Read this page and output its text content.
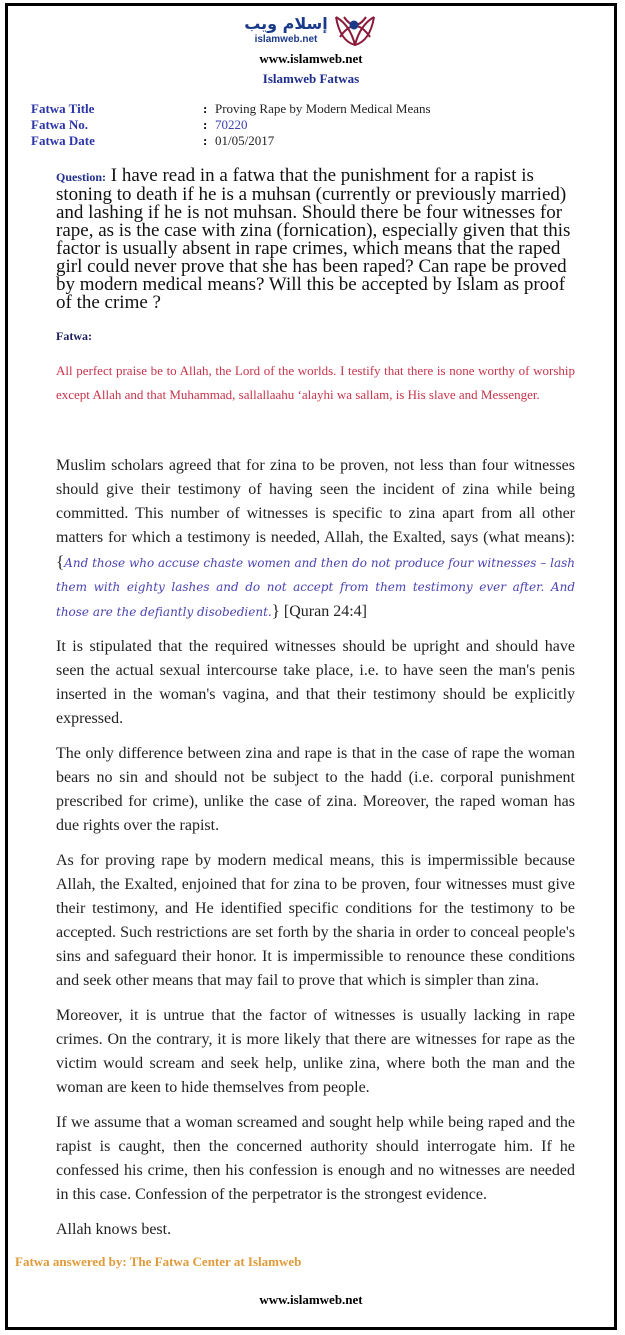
إسلام ويب
islamweb.net
www.islamweb.net
Islamweb Fatwas
Fatwa Title	: Proving Rape by Modern Medical Means
Fatwa No.	: 70220
Fatwa Date	: 01/05/2017
Question: I have read in a fatwa that the punishment for a rapist is stoning to death if he is a muhsan (currently or previously married) and lashing if he is not muhsan. Should there be four witnesses for rape, as is the case with zina (fornication), especially given that this factor is usually absent in rape crimes, which means that the raped girl could never prove that she has been raped? Can rape be proved by modern medical means? Will this be accepted by Islam as proof of the crime ?
Fatwa:
All perfect praise be to Allah, the Lord of the worlds. I testify that there is none worthy of worship except Allah and that Muhammad, sallallaahu ‘alayhi wa sallam, is His slave and Messenger.

Muslim scholars agreed that for zina to be proven, not less than four witnesses should give their testimony of having seen the incident of zina while being committed. This number of witnesses is specific to zina apart from all other matters for which a testimony is needed, Allah, the Exalted, says (what means): {And those who accuse chaste women and then do not produce four witnesses – lash them with eighty lashes and do not accept from them testimony ever after. And those are the defiantly disobedient.} [Quran 24:4]

It is stipulated that the required witnesses should be upright and should have seen the actual sexual intercourse take place, i.e. to have seen the man's penis inserted in the woman's vagina, and that their testimony should be explicitly expressed.

The only difference between zina and rape is that in the case of rape the woman bears no sin and should not be subject to the hadd (i.e. corporal punishment prescribed for crime), unlike the case of zina. Moreover, the raped woman has due rights over the rapist.

As for proving rape by modern medical means, this is impermissible because Allah, the Exalted, enjoined that for zina to be proven, four witnesses must give their testimony, and He identified specific conditions for the testimony to be accepted. Such restrictions are set forth by the sharia in order to conceal people's sins and safeguard their honor. It is impermissible to renounce these conditions and seek other means that may fail to prove that which is simpler than zina.

Moreover, it is untrue that the factor of witnesses is usually lacking in rape crimes. On the contrary, it is more likely that there are witnesses for rape as the victim would scream and seek help, unlike zina, where both the man and the woman are keen to hide themselves from people.

If we assume that a woman screamed and sought help while being raped and the rapist is caught, then the concerned authority should interrogate him. If he confessed his crime, then his confession is enough and no witnesses are needed in this case. Confession of the perpetrator is the strongest evidence.

Allah knows best.

Fatwa answered by: The Fatwa Center at Islamweb
www.islamweb.net
